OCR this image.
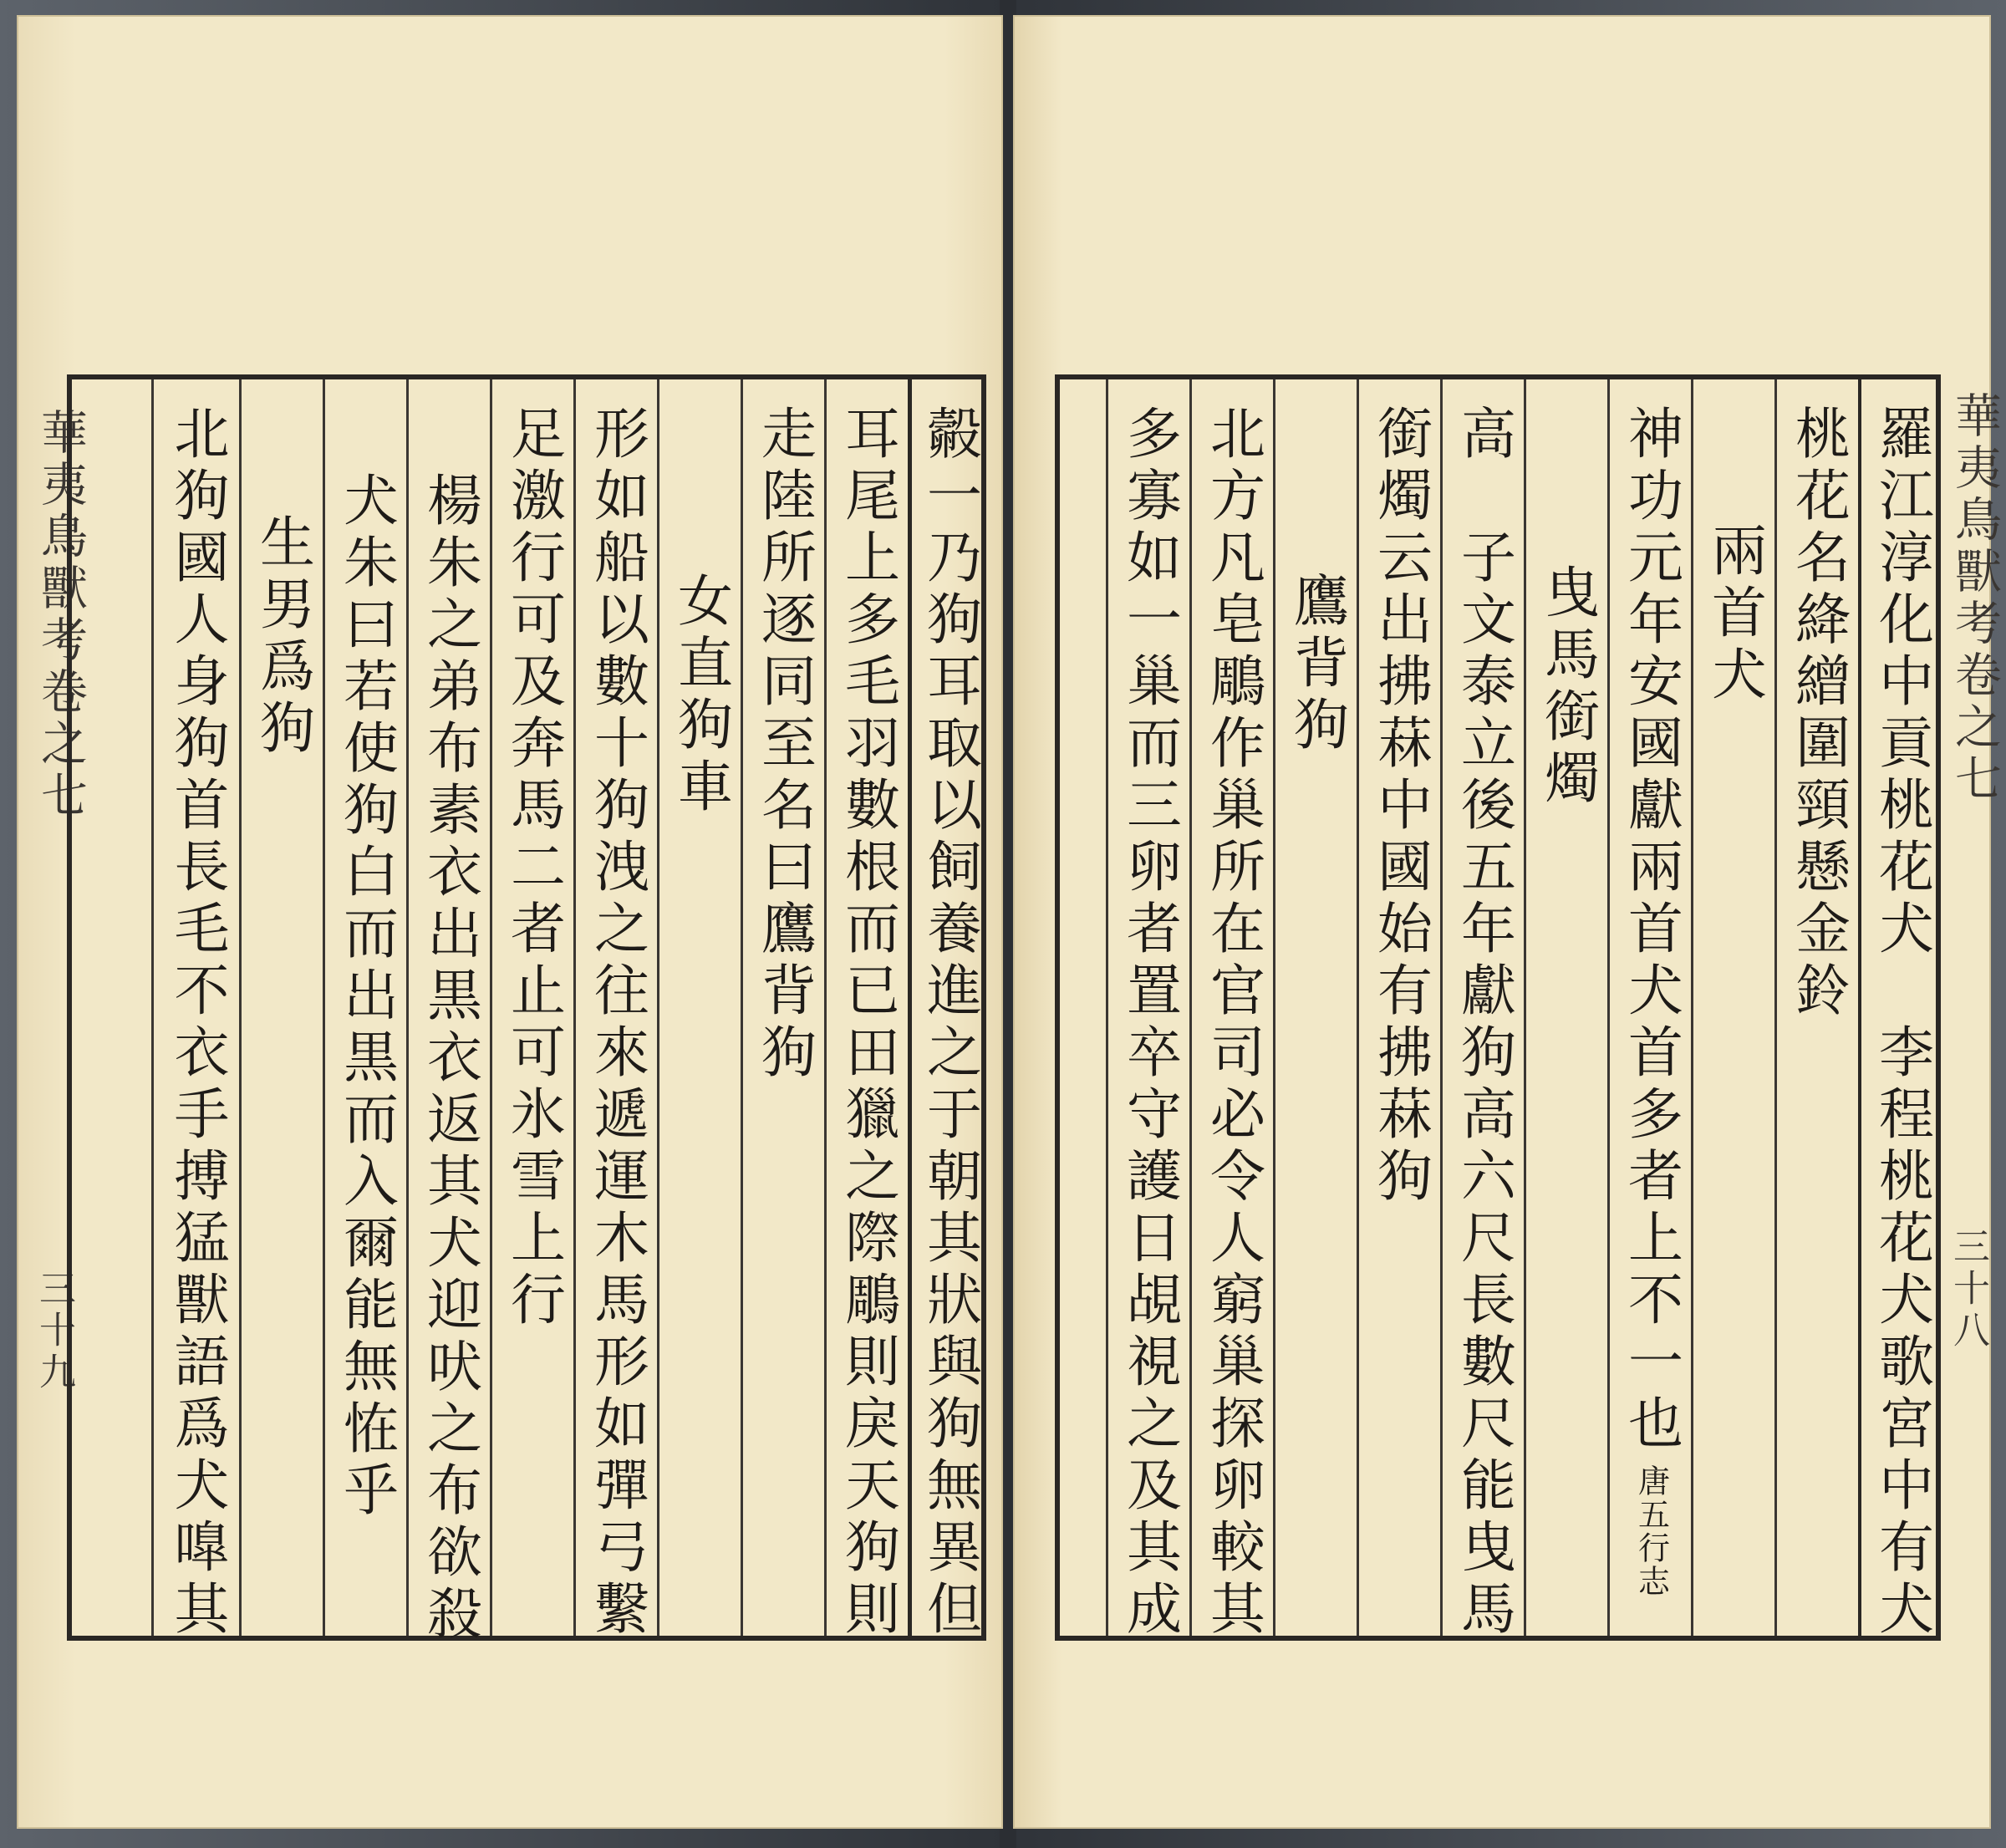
華夷鳥獸考卷之七
三十九	㲉一乃狗耳取以飼養進之于朝其狀與狗無異但
耳尾上多毛羽數根而已田獵之際鵰則戾天狗則
走陸所逐同至名曰鷹背狗
女直狗車
形如船以數十狗洩之往來遞運木馬形如彈弓繫
足激行可及奔馬二者止可氷雪上行
楊朱之弟布素衣出黒衣返其犬迎吠之布欲殺
犬朱曰若使狗白而出黒而入爾能無恠乎
生男爲狗
北狗國人身狗首長毛不衣手搏猛獸語爲犬嘷其	華夷鳥獸考卷之七
三十八
羅江淳化中貢桃花犬　李程桃花犬歌宮中有犬
桃花名絳繒圍頸懸金鈴
兩首犬
神功元年安國獻兩首犬首多者上不一也
唐五行志
曳馬銜燭
高　子文泰立後五年獻狗高六尺長數尺能曳馬
銜燭云出拂菻中國始有拂菻狗
鷹背狗
北方凡皂鵰作巢所在官司必令人窮巢探卵較其
多寡如一巢而三卵者置卒守護日覘視之及其成
